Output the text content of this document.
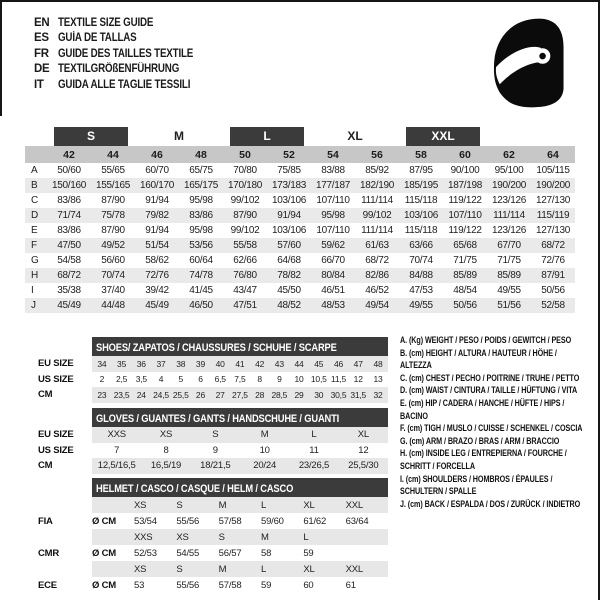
EN TEXTILE SIZE GUIDE
ES GUÍA DE TALLAS
FR GUIDE DES TAILLES TEXTILE
DE TEXTILGRÖßENFÜHRUNG
IT	GUIDA ALLE TAGLIE TESSILI

	S		M		L		XL		XXL			

	42	44	46	48	50	52	54	56	58	60	62	64
A	50/60	55/65	60/70	65/75	70/80	75/85	83/88	85/92	87/95	90/100	95/100	105/115
B	150/160	155/165	160/170	165/175	170/180	173/183	177/187	182/190	185/195	187/198	190/200	190/200
C	83/86	87/90	91/94	95/98	99/102	103/106	107/110	111/114	115/118	119/122	123/126	127/130
D	71/74	75/78	79/82	83/86	87/90	91/94	95/98	99/102	103/106	107/110	111/114	115/119
E	83/86	87/90	91/94	95/98	99/102	103/106	107/110	111/114	115/118	119/122	123/126	127/130
F	47/50	49/52	51/54	53/56	55/58	57/60	59/62	61/63	63/66	65/68	67/70	68/72
G	54/58	56/60	58/62	60/64	62/66	64/68	66/70	68/72	70/74	71/75	71/75	72/76
H	68/72	70/74	72/76	74/78	76/80	78/82	80/84	82/86	84/88	85/89	85/89	87/91
I	35/38	37/40	39/42	41/45	43/47	45/50	46/51	46/52	47/53	48/54	49/55	50/56
J	45/49	44/48	45/49	46/50	47/51	48/52	48/53	49/54	49/55	50/56	51/56	52/58
SHOES/ ZAPATOS / CHAUSSURES / SCHUHE / SCARPE
EU SIZE	34	35	36	37	38	39	40	41	42	43	44	45	46	47	48
US SIZE	2	2,5	3,5	4	5	6	6,5	7,5	8	9	10	10,5	11,5	12	13
CM	23	23,5	24	24,5	25,5	26	27	27,5	28	28,5	29	30	30,5	31,5	32
GLOVES / GUANTES / GANTS / HANDSCHUHE / GUANTI
EU SIZE	XXS	XS	S	M	L	XL
US SIZE	7	8	9	10	11	12
CM	12,5/16,5	16,5/19	18/21,5	20/24	23/26,5	25,5/30
HELMET / CASCO / CASQUE / HELM / CASCO
		XS	S	M	L	XL	XXL
FIA	Ø CM	53/54	55/56	57/58	59/60	61/62	63/64
		XXS	XS	S	M	L	
CMR	Ø CM	52/53	54/55	56/57	58	59	
		XS	S	M	L	XL	XXL
ECE	Ø CM	53	55/56	57/58	59	60	61
A. (Kg) WEIGHT / PESO / POIDS / GEWITCH / PESO
B. (cm) HEIGHT / ALTURA / HAUTEUR / HÖHE / ALTEZZA
C. (cm) CHEST / PECHO / POITRINE / TRUHE / PETTO
D. (cm) WAIST / CINTURA / TAILLE / HÜFTUNG / VITA
E. (cm) HIP / CADERA / HANCHE / HÜFTE / HIPS / BACINO
F. (cm) TIGH / MUSLO / CUISSE / SCHENKEL / COSCIA
G. (cm) ARM / BRAZO / BRAS / ARM / BRACCIO
H. (cm) INSIDE LEG / ENTREPIERNA / FOURCHE / SCHRITT / FORCELLA
I. (cm) SHOULDERS / HOMBROS / ÉPAULES / SCHULTERN / SPALLE
J. (cm) BACK / ESPALDA / DOS / ZURÜCK / INDIETRO
